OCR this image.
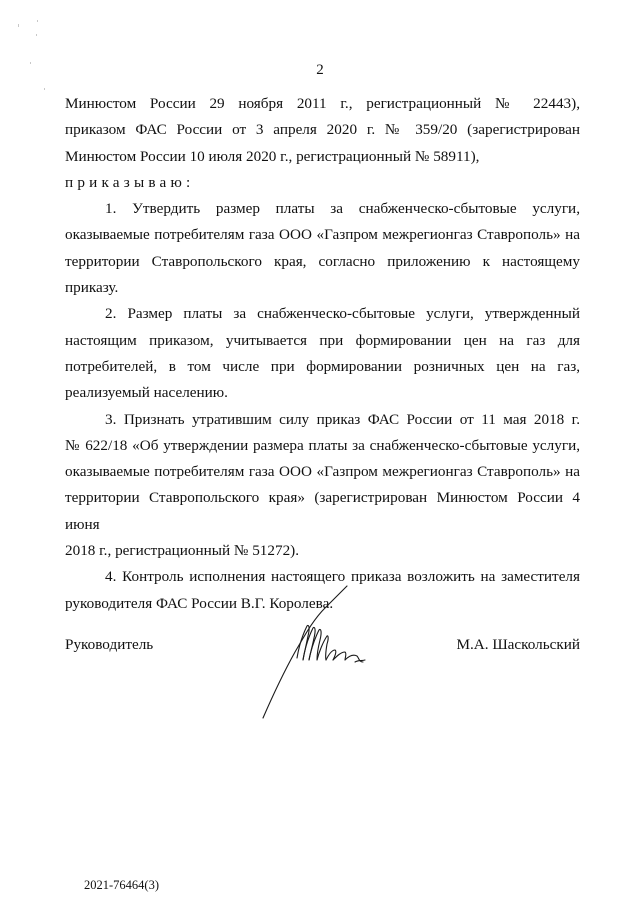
2

Минюстом России 29 ноября 2011 г., регистрационный № 22443),

приказом ФАС России от 3 апреля 2020 г. № 359/20 (зарегистрирован

Минюстом России 10 июля 2020 г., регистрационный № 58911),

приказываю:

1. Утвердить размер платы за снабженческо-сбытовые услуги,

оказываемые потребителям газа ООО «Газпром межрегионгаз Ставрополь» на

территории Ставропольского края, согласно приложению к настоящему приказу.

2. Размер платы за снабженческо-сбытовые услуги, утвержденный

настоящим приказом, учитывается при формировании цен на газ для

потребителей, в том числе при формировании розничных цен на газ,

реализуемый населению.

3. Признать утратившим силу приказ ФАС России от 11 мая 2018 г.

№ 622/18 «Об утверждении размера платы за снабженческо-сбытовые услуги,

оказываемые потребителям газа ООО «Газпром межрегионгаз Ставрополь» на

территории Ставропольского края» (зарегистрирован Минюстом России 4 июня

2018 г., регистрационный № 51272).

4. Контроль исполнения настоящего приказа возложить на заместителя

руководителя ФАС России В.Г. Королева.

Руководитель	М.А. Шаскольский
2021-76464(3)
